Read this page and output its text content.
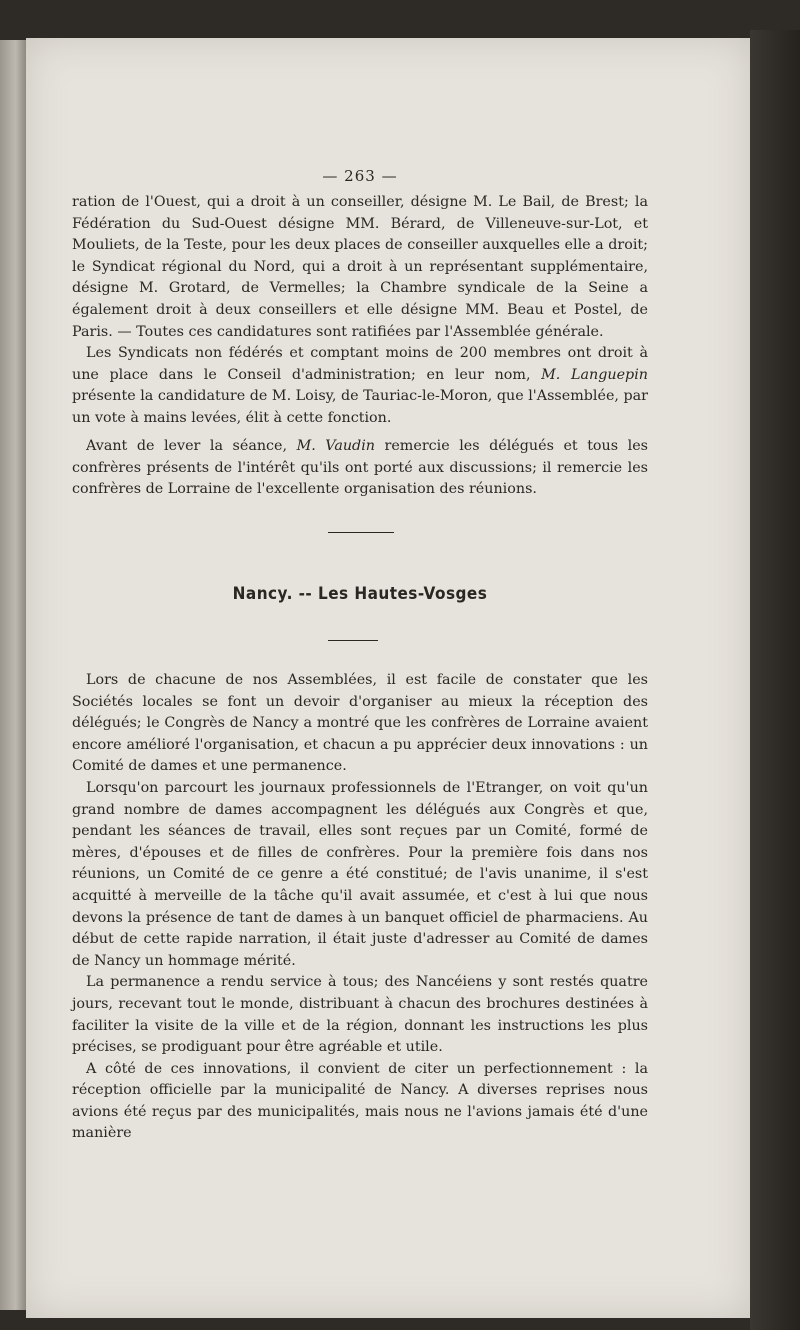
— 263 —

ration de l'Ouest, qui a droit à un conseiller, désigne M. Le Bail, de Brest; la Fédération du Sud-Ouest désigne MM. Bérard, de Villeneuve-sur-Lot, et Mouliets, de la Teste, pour les deux places de conseiller auxquelles elle a droit; le Syndicat régional du Nord, qui a droit à un représentant supplémentaire, désigne M. Grotard, de Vermelles; la Chambre syndicale de la Seine a également droit à deux conseillers et elle désigne MM. Beau et Postel, de Paris. — Toutes ces candidatures sont ratifiées par l'Assemblée générale.

Les Syndicats non fédérés et comptant moins de 200 membres ont droit à une place dans le Conseil d'administration; en leur nom, M. Languepin présente la candidature de M. Loisy, de Tauriac-le-Moron, que l'Assemblée, par un vote à mains levées, élit à cette fonction.

Avant de lever la séance, M. Vaudin remercie les délégués et tous les confrères présents de l'intérêt qu'ils ont porté aux discussions; il remercie les confrères de Lorraine de l'excellente organisation des réunions.

Nancy. -- Les Hautes-Vosges

Lors de chacune de nos Assemblées, il est facile de constater que les Sociétés locales se font un devoir d'organiser au mieux la réception des délégués; le Congrès de Nancy a montré que les confrères de Lorraine avaient encore amélioré l'organisation, et chacun a pu apprécier deux innovations : un Comité de dames et une permanence.

Lorsqu'on parcourt les journaux professionnels de l'Etranger, on voit qu'un grand nombre de dames accompagnent les délégués aux Congrès et que, pendant les séances de travail, elles sont reçues par un Comité, formé de mères, d'épouses et de filles de confrères. Pour la première fois dans nos réunions, un Comité de ce genre a été constitué; de l'avis unanime, il s'est acquitté à merveille de la tâche qu'il avait assumée, et c'est à lui que nous devons la présence de tant de dames à un banquet officiel de pharmaciens. Au début de cette rapide narration, il était juste d'adresser au Comité de dames de Nancy un hommage mérité.

La permanence a rendu service à tous; des Nancéiens y sont restés quatre jours, recevant tout le monde, distribuant à chacun des brochures destinées à faciliter la visite de la ville et de la région, donnant les instructions les plus précises, se prodiguant pour être agréable et utile.

A côté de ces innovations, il convient de citer un perfectionnement : la réception officielle par la municipalité de Nancy. A diverses reprises nous avions été reçus par des municipalités, mais nous ne l'avions jamais été d'une manière
